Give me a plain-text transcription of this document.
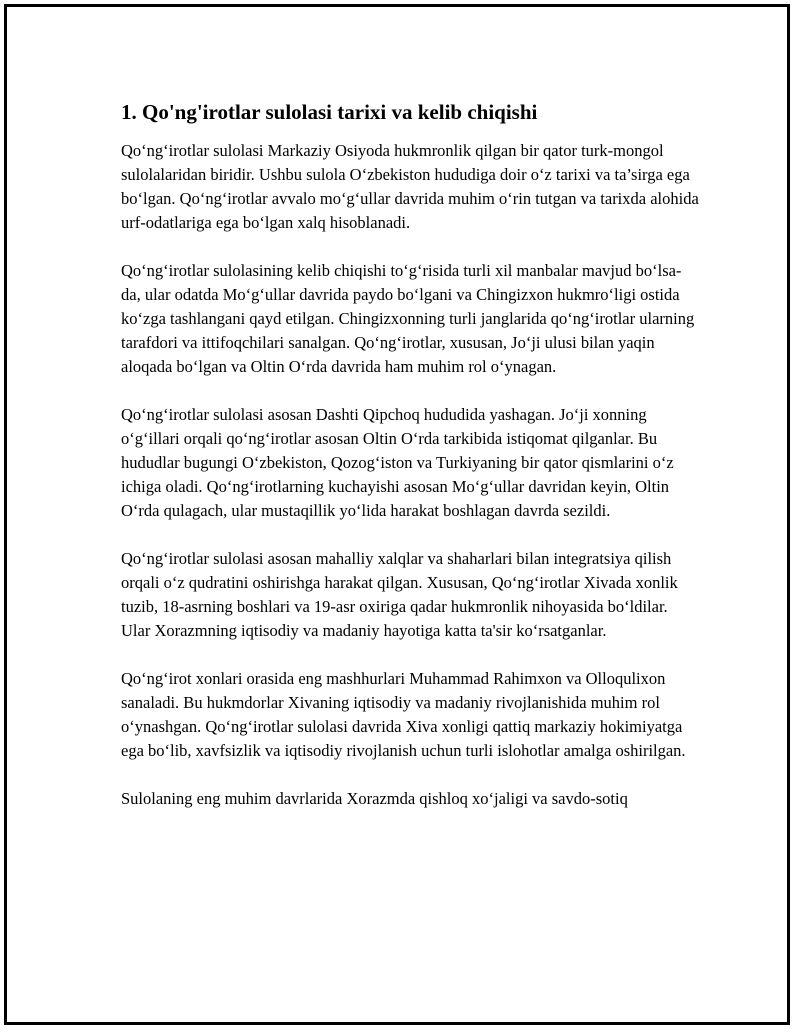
1. Qo'ng'irotlar sulolasi tarixi va kelib chiqishi

Qo‘ng‘irotlar sulolasi Markaziy Osiyoda hukmronlik qilgan bir qator turk-mongol sulolalaridan biridir. Ushbu sulola O‘zbekiston hududiga doir o‘z tarixi va ta’sirga ega bo‘lgan. Qo‘ng‘irotlar avvalo mo‘g‘ullar davrida muhim o‘rin tutgan va tarixda alohida urf-odatlariga ega bo‘lgan xalq hisoblanadi.

Qo‘ng‘irotlar sulolasining kelib chiqishi to‘g‘risida turli xil manbalar mavjud bo‘lsa-da, ular odatda Mo‘g‘ullar davrida paydo bo‘lgani va Chingizxon hukmro‘ligi ostida ko‘zga tashlangani qayd etilgan. Chingizxonning turli janglarida qo‘ng‘irotlar ularning tarafdori va ittifoqchilari sanalgan. Qo‘ng‘irotlar, xususan, Jo‘ji ulusi bilan yaqin aloqada bo‘lgan va Oltin O‘rda davrida ham muhim rol o‘ynagan.

Qo‘ng‘irotlar sulolasi asosan Dashti Qipchoq hududida yashagan. Jo‘ji xonning o‘g‘illari orqali qo‘ng‘irotlar asosan Oltin O‘rda tarkibida istiqomat qilganlar. Bu hududlar bugungi O‘zbekiston, Qozog‘iston va Turkiyaning bir qator qismlarini o‘z ichiga oladi. Qo‘ng‘irotlarning kuchayishi asosan Mo‘g‘ullar davridan keyin, Oltin O‘rda qulagach, ular mustaqillik yo‘lida harakat boshlagan davrda sezildi.

Qo‘ng‘irotlar sulolasi asosan mahalliy xalqlar va shaharlari bilan integratsiya qilish orqali o‘z qudratini oshirishga harakat qilgan. Xususan, Qo‘ng‘irotlar Xivada xonlik tuzib, 18-asrning boshlari va 19-asr oxiriga qadar hukmronlik nihoyasida bo‘ldilar. Ular Xorazmning iqtisodiy va madaniy hayotiga katta ta'sir ko‘rsatganlar.

Qo‘ng‘irot xonlari orasida eng mashhurlari Muhammad Rahimxon va Olloqulixon sanaladi. Bu hukmdorlar Xivaning iqtisodiy va madaniy rivojlanishida muhim rol o‘ynashgan. Qo‘ng‘irotlar sulolasi davrida Xiva xonligi qattiq markaziy hokimiyatga ega bo‘lib, xavfsizlik va iqtisodiy rivojlanish uchun turli islohotlar amalga oshirilgan.

Sulolaning eng muhim davrlarida Xorazmda qishloq xo‘jaligi va savdo-sotiq
